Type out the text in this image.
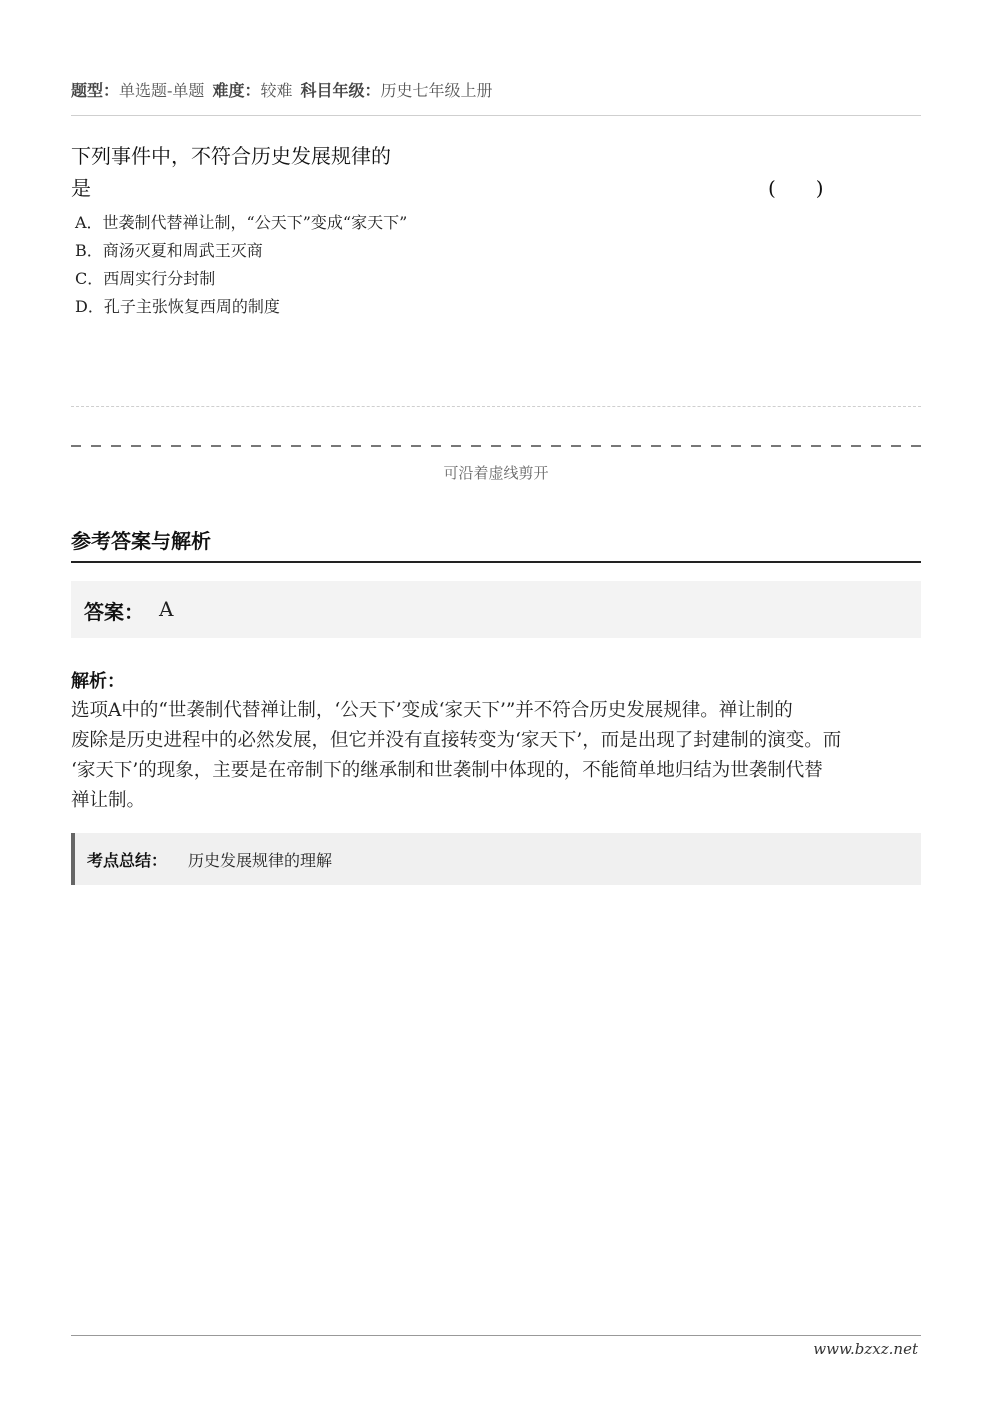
题型：单选题-单题 难度：较难 科目年级：历史七年级上册
下列事件中，不符合历史发展规律的
是	(　　)
A．世袭制代替禅让制，“公天下”变成“家天下”
B．商汤灭夏和周武王灭商
C．西周实行分封制
D．孔子主张恢复西周的制度
可沿着虚线剪开
参考答案与解析
答案： A
解析：
选项A中的“世袭制代替禅让制，‘公天下’变成‘家天下’”并不符合历史发展规律。禅让制的
废除是历史进程中的必然发展，但它并没有直接转变为‘家天下’，而是出现了封建制的演变。而
‘家天下’的现象，主要是在帝制下的继承制和世袭制中体现的，不能简单地归结为世袭制代替
禅让制。
考点总结： 历史发展规律的理解
www.bzxz.net
